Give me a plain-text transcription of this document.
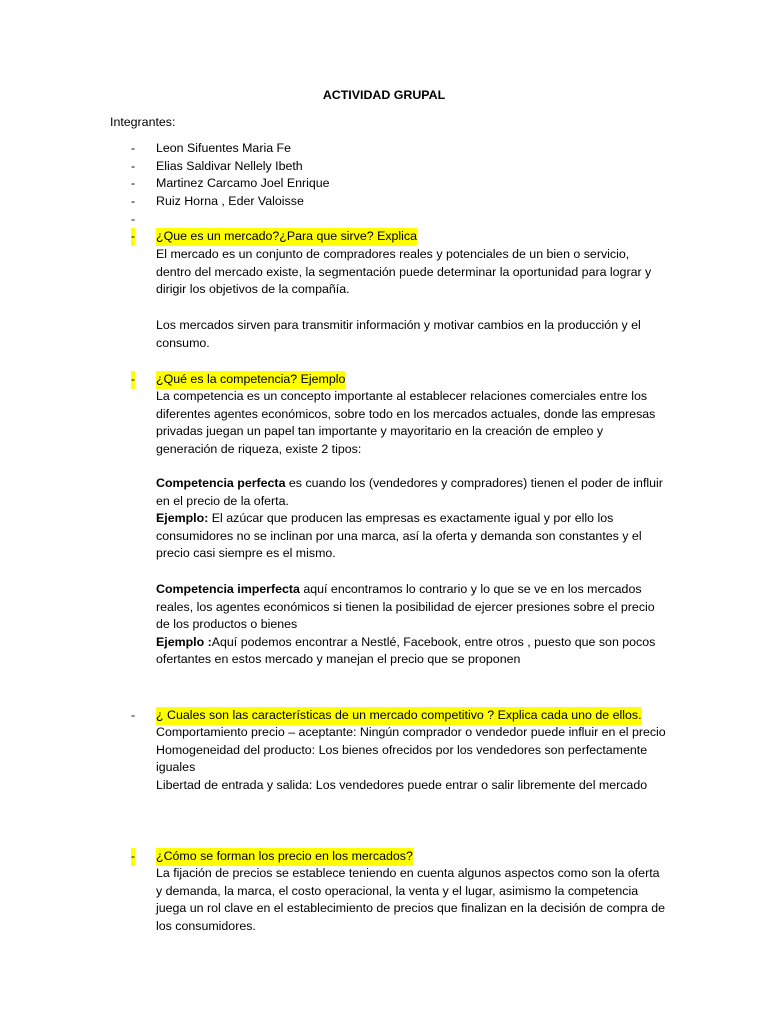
ACTIVIDAD GRUPAL
Integrantes:
- Leon Sifuentes Maria Fe
- Elias Saldivar Nellely Ibeth
- Martinez Carcamo Joel Enrique
- Ruiz Horna , Eder Valoisse
-
- ¿Que es un mercado?¿Para que sirve? Explica

El mercado es un conjunto de compradores reales y potenciales de un bien o servicio, dentro del mercado existe, la segmentación puede determinar la oportunidad para lograr y dirigir los objetivos de la compañía.

Los mercados sirven para transmitir información y motivar cambios en la producción y el consumo.

- ¿Qué es la competencia? Ejemplo

La competencia es un concepto importante al establecer relaciones comerciales entre los diferentes agentes económicos, sobre todo en los mercados actuales, donde las empresas privadas juegan un papel tan importante y mayoritario en la creación de empleo y generación de riqueza, existe 2 tipos:

Competencia perfecta es cuando los (vendedores y compradores) tienen el poder de influir en el precio de la oferta.

Ejemplo: El azúcar que producen las empresas es exactamente igual y por ello los consumidores no se inclinan por una marca, así la oferta y demanda son constantes y el precio casi siempre es el mismo.

Competencia imperfecta aquí encontramos lo contrario y lo que se ve en los mercados reales, los agentes económicos si tienen la posibilidad de ejercer presiones sobre el precio de los productos o bienes

Ejemplo :Aquí podemos encontrar a Nestlé, Facebook, entre otros , puesto que son pocos ofertantes en estos mercado y manejan el precio que se proponen

- ¿ Cuales son las características de un mercado competitivo ? Explica cada uno de ellos.

Comportamiento precio – aceptante: Ningún comprador o vendedor puede influir en el precio

Homogeneidad del producto: Los bienes ofrecidos por los vendedores son perfectamente iguales

Libertad de entrada y salida: Los vendedores puede entrar o salir libremente del mercado

- ¿Cómo se forman los precio en los mercados?

La fijación de precios se establece teniendo en cuenta algunos aspectos como son la oferta y demanda, la marca, el costo operacional, la venta y el lugar, asimismo la competencia juega un rol clave en el establecimiento de precios que finalizan en la decisión de compra de los consumidores.
